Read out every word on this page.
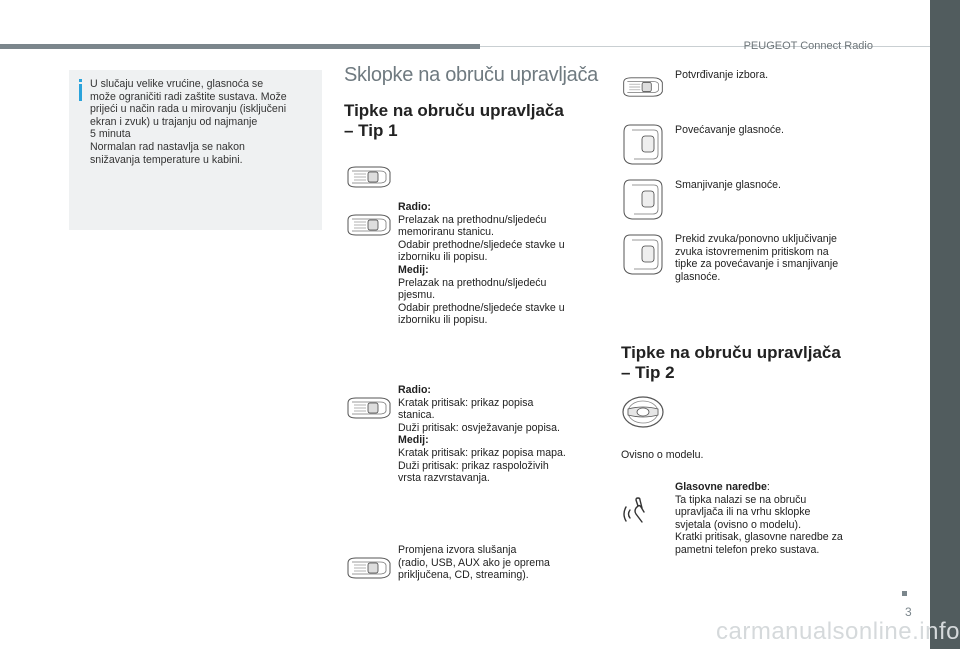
PEUGEOT Connect Radio

U slučaju velike vrućine, glasnoća se

može ograničiti radi zaštite sustava. Može

prijeći u način rada u mirovanju (isključeni

ekran i zvuk) u trajanju od najmanje

5 minuta

Normalan rad nastavlja se nakon

snižavanja temperature u kabini.

Sklopke na obruču upravljača
Tipke na obruču upravljača
– Tip 1
Radio:
Prelazak na prethodnu/sljedeću
memoriranu stanicu.
Odabir prethodne/sljedeće stavke u
izborniku ili popisu.
Medij:
Prelazak na prethodnu/sljedeću
pjesmu.
Odabir prethodne/sljedeće stavke u
izborniku ili popisu.
Radio:
Kratak pritisak: prikaz popisa
stanica.
Duži pritisak: osvježavanje popisa.
Medij:
Kratak pritisak: prikaz popisa mapa.
Duži pritisak: prikaz raspoloživih
vrsta razvrstavanja.
Promjena izvora slušanja
(radio, USB, AUX ako je oprema
priključena, CD, streaming).
Potvrđivanje izbora.
Povećavanje glasnoće.
Smanjivanje glasnoće.
Prekid zvuka/ponovno uključivanje
zvuka istovremenim pritiskom na
tipke za povećavanje i smanjivanje
glasnoće.
Tipke na obruču upravljača
– Tip 2
Ovisno o modelu.
Glasovne naredbe:
Ta tipka nalazi se na obruču
upravljača ili na vrhu sklopke
svjetala (ovisno o modelu).
Kratki pritisak, glasovne naredbe za
pametni telefon preko sustava.
3
carmanualsonline.info
